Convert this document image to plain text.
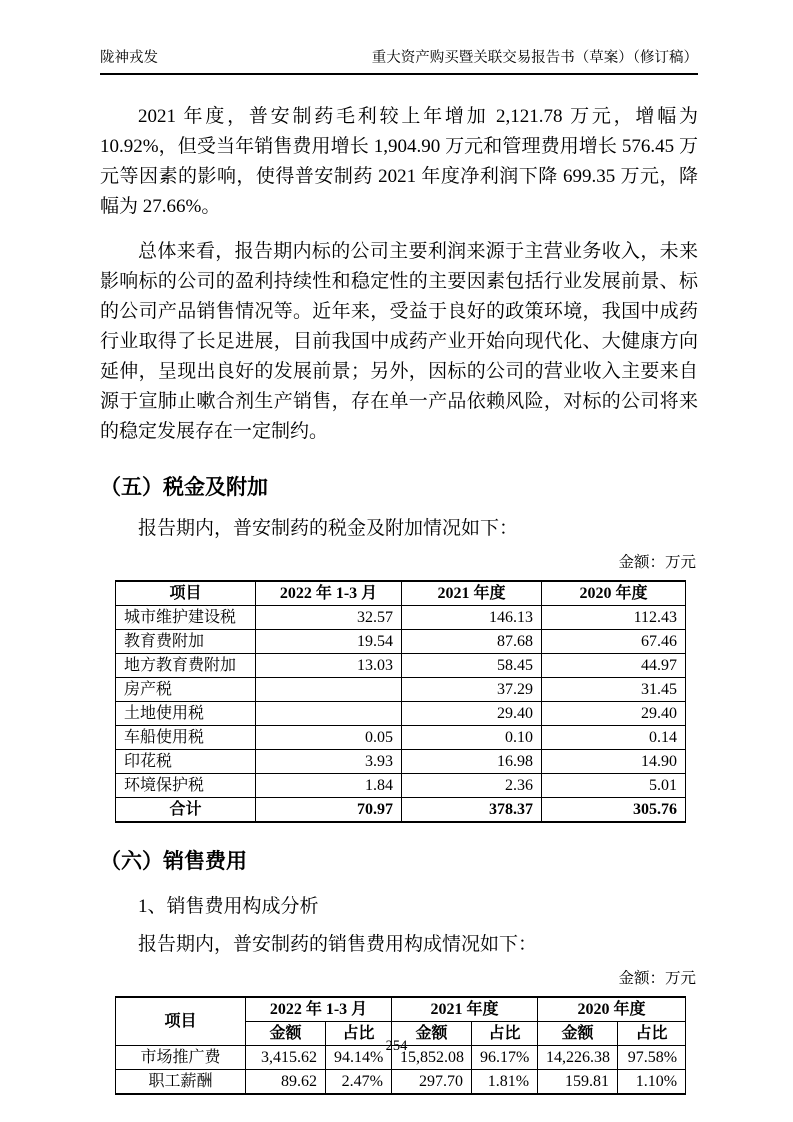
陇神戎发	重大资产购买暨关联交易报告书（草案）（修订稿）

2021 年度，普安制药毛利较上年增加 2,121.78 万元，增幅为 10.92%，但受当年销售费用增长 1,904.90 万元和管理费用增长 576.45 万元等因素的影响，使得普安制药 2021 年度净利润下降 699.35 万元，降幅为 27.66%。

总体来看，报告期内标的公司主要利润来源于主营业务收入，未来影响标的公司的盈利持续性和稳定性的主要因素包括行业发展前景、标的公司产品销售情况等。近年来，受益于良好的政策环境，我国中成药行业取得了长足进展，目前我国中成药产业开始向现代化、大健康方向延伸，呈现出良好的发展前景；另外，因标的公司的营业收入主要来自源于宣肺止嗽合剂生产销售，存在单一产品依赖风险，对标的公司将来的稳定发展存在一定制约。

（五）税金及附加

报告期内，普安制药的税金及附加情况如下：

金额：万元

项目	2022 年 1-3 月	2021 年度	2020 年度
城市维护建设税	32.57	146.13	112.43
教育费附加	19.54	87.68	67.46
地方教育费附加	13.03	58.45	44.97
房产税		37.29	31.45
土地使用税		29.40	29.40
车船使用税	0.05	0.10	0.14
印花税	3.93	16.98	14.90
环境保护税	1.84	2.36	5.01
合计	70.97	378.37	305.76
（六）销售费用

1、销售费用构成分析

报告期内，普安制药的销售费用构成情况如下：

金额：万元

项目	2022 年 1-3 月		2021 年度		2020 年度	
	金额	占比	金额	占比	金额	占比
市场推广费	3,415.62	94.14%	15,852.08	96.17%	14,226.38	97.58%
职工薪酬	89.62	2.47%	297.70	1.81%	159.81	1.10%
254
